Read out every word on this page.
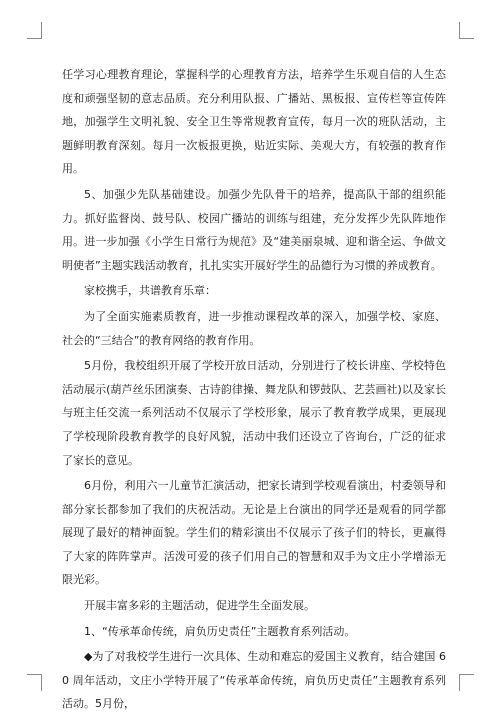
任学习心理教育理论，掌握科学的心理教育方法，培养学生乐观自信的人生态度和顽强坚韧的意志品质。充分利用队报、广播站、黑板报、宣传栏等宣传阵地，加强学生文明礼貌、安全卫生等常规教育宣传，每月一次的班队活动，主题鲜明教育深刻。每月一次板报更换，贴近实际、美观大方，有较强的教育作用。

5、加强少先队基础建设。加强少先队骨干的培养，提高队干部的组织能力。抓好监督岗、鼓号队、校园广播站的训练与组建，充分发挥少先队阵地作用。进一步加强《小学生日常行为规范》及“建美丽泉城、迎和谐全运、争做文明使者”主题实践活动教育，扎扎实实开展好学生的品德行为习惯的养成教育。

家校携手，共谱教育乐章：

为了全面实施素质教育，进一步推动课程改革的深入，加强学校、家庭、社会的“三结合”的教育网络的教育作用。

5月份，我校组织开展了学校开放日活动，分别进行了校长讲座、学校特色活动展示(葫芦丝乐团演奏、古诗韵律操、舞龙队和锣鼓队、艺芸画社)以及家长与班主任交流一系列活动不仅展示了学校形象，展示了教育教学成果，更展现了学校现阶段教育教学的良好风貌，活动中我们还设立了咨询台，广泛的征求了家长的意见。

6月份，利用六一儿童节汇演活动，把家长请到学校观看演出，村委领导和部分家长都参加了我们的庆祝活动。无论是上台演出的同学还是观看的同学都展现了最好的精神面貌。学生们的精彩演出不仅展示了孩子们的特长，更赢得了大家的阵阵掌声。活泼可爱的孩子们用自己的智慧和双手为文庄小学增添无限光彩。

开展丰富多彩的主题活动，促进学生全面发展。

1、“传承革命传统，肩负历史责任”主题教育系列活动。

◆为了对我校学生进行一次具体、生动和难忘的爱国主义教育，结合建国 60 周年活动，文庄小学特开展了“传承革命传统，肩负历史责任”主题教育系列活动。5月份，
